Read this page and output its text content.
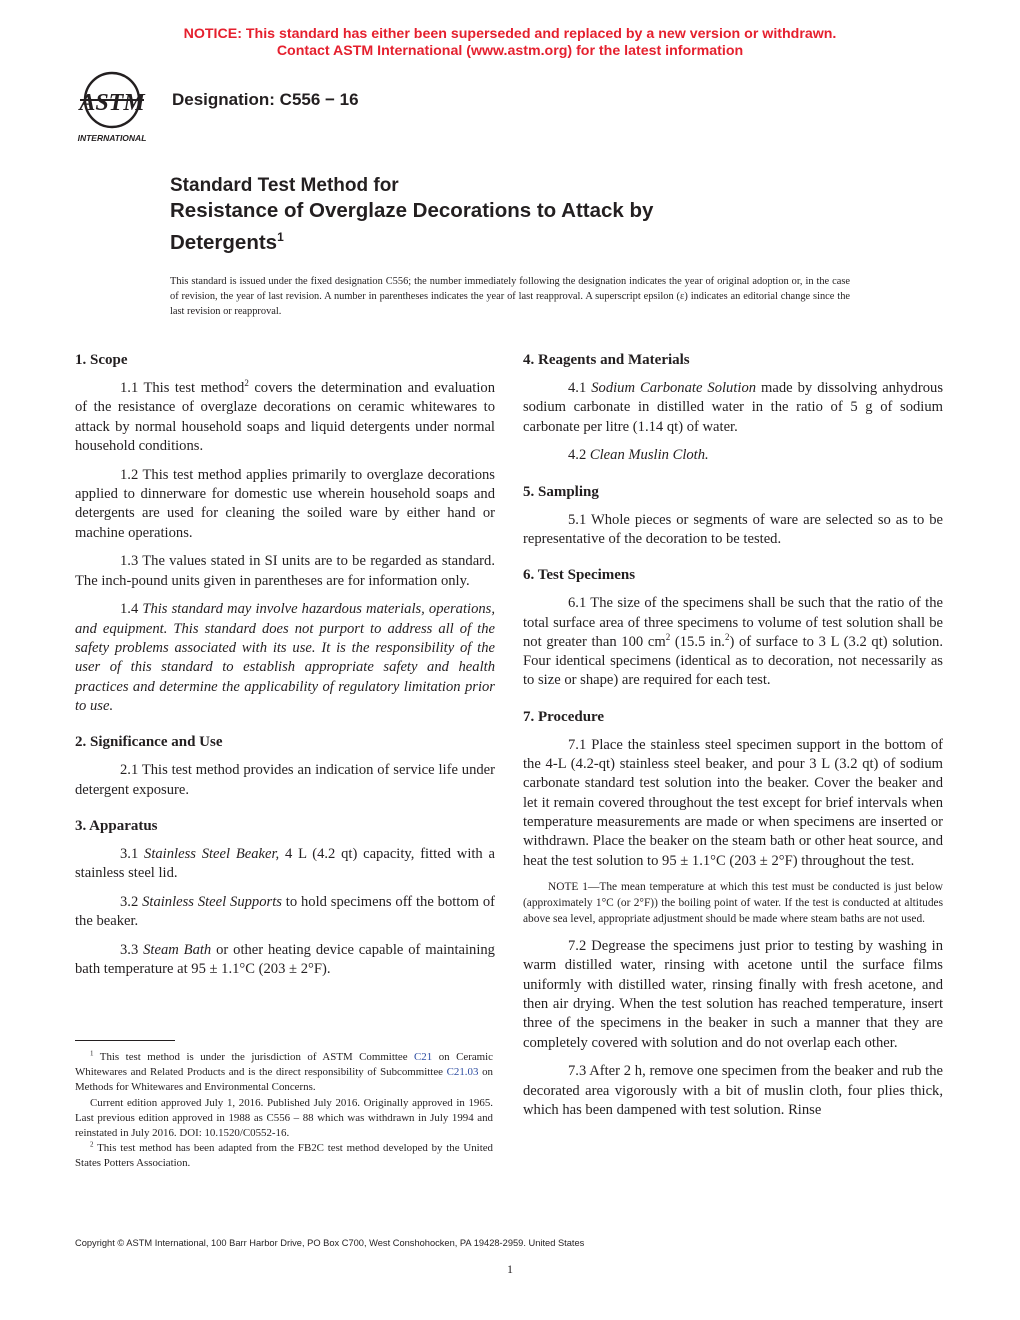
NOTICE: This standard has either been superseded and replaced by a new version or withdrawn.
Contact ASTM International (www.astm.org) for the latest information
ASTM
INTERNATIONAL
Designation: C556 − 16
Standard Test Method for
Resistance of Overglaze Decorations to Attack by
Detergents$^1$
This standard is issued under the fixed designation C556; the number immediately following the designation indicates the year of original adoption or, in the case of revision, the year of last revision. A number in parentheses indicates the year of last reapproval. A superscript epsilon (ε) indicates an editorial change since the last revision or reapproval.
1. Scope

1.1 This test method$^2$ covers the determination and evaluation of the resistance of overglaze decorations on ceramic whitewares to attack by normal household soaps and liquid detergents under normal household conditions.

1.2 This test method applies primarily to overglaze decorations applied to dinnerware for domestic use wherein household soaps and detergents are used for cleaning the soiled ware by either hand or machine operations.

1.3 The values stated in SI units are to be regarded as standard. The inch-pound units given in parentheses are for information only.

1.4 This standard may involve hazardous materials, operations, and equipment. This standard does not purport to address all of the safety problems associated with its use. It is the responsibility of the user of this standard to establish appropriate safety and health practices and determine the applicability of regulatory limitation prior to use.

2. Significance and Use

2.1 This test method provides an indication of service life under detergent exposure.

3. Apparatus

3.1 Stainless Steel Beaker, 4 L (4.2 qt) capacity, fitted with a stainless steel lid.

3.2 Stainless Steel Supports to hold specimens off the bottom of the beaker.

3.3 Steam Bath or other heating device capable of maintaining bath temperature at 95 ± 1.1°C (203 ± 2°F).

$^1$ This test method is under the jurisdiction of ASTM Committee C21 on Ceramic Whitewares and Related Products and is the direct responsibility of Subcommittee C21.03 on Methods for Whitewares and Environmental Concerns.

Current edition approved July 1, 2016. Published July 2016. Originally approved in 1965. Last previous edition approved in 1988 as C556 – 88 which was withdrawn in July 1994 and reinstated in July 2016. DOI: 10.1520/C0552-16.

$^2$ This test method has been adapted from the FB2C test method developed by the United States Potters Association.

4. Reagents and Materials

4.1 Sodium Carbonate Solution made by dissolving anhydrous sodium carbonate in distilled water in the ratio of 5 g of sodium carbonate per litre (1.14 qt) of water.

4.2 Clean Muslin Cloth.

5. Sampling

5.1 Whole pieces or segments of ware are selected so as to be representative of the decoration to be tested.

6. Test Specimens

6.1 The size of the specimens shall be such that the ratio of the total surface area of three specimens to volume of test solution shall be not greater than 100 $cm^2$ (15.5 in.$^2$) of surface to 3 L (3.2 qt) solution. Four identical specimens (identical as to decoration, not necessarily as to size or shape) are required for each test.

7. Procedure

7.1 Place the stainless steel specimen support in the bottom of the 4-L (4.2-qt) stainless steel beaker, and pour 3 L (3.2 qt) of sodium carbonate standard test solution into the beaker. Cover the beaker and let it remain covered throughout the test except for brief intervals when temperature measurements are made or when specimens are inserted or withdrawn. Place the beaker on the steam bath or other heat source, and heat the test solution to 95 ± 1.1°C (203 ± 2°F) throughout the test.

NOTE 1—The mean temperature at which this test must be conducted is just below (approximately 1°C (or 2°F)) the boiling point of water. If the test is conducted at altitudes above sea level, appropriate adjustment should be made where steam baths are not used.

7.2 Degrease the specimens just prior to testing by washing in warm distilled water, rinsing with acetone until the surface films uniformly with distilled water, rinsing finally with fresh acetone, and then air drying. When the test solution has reached temperature, insert three of the specimens in the beaker in such a manner that they are completely covered with solution and do not overlap each other.

7.3 After 2 h, remove one specimen from the beaker and rub the decorated area vigorously with a bit of muslin cloth, four plies thick, which has been dampened with test solution. Rinse

Copyright © ASTM International, 100 Barr Harbor Drive, PO Box C700, West Conshohocken, PA 19428-2959. United States
1
